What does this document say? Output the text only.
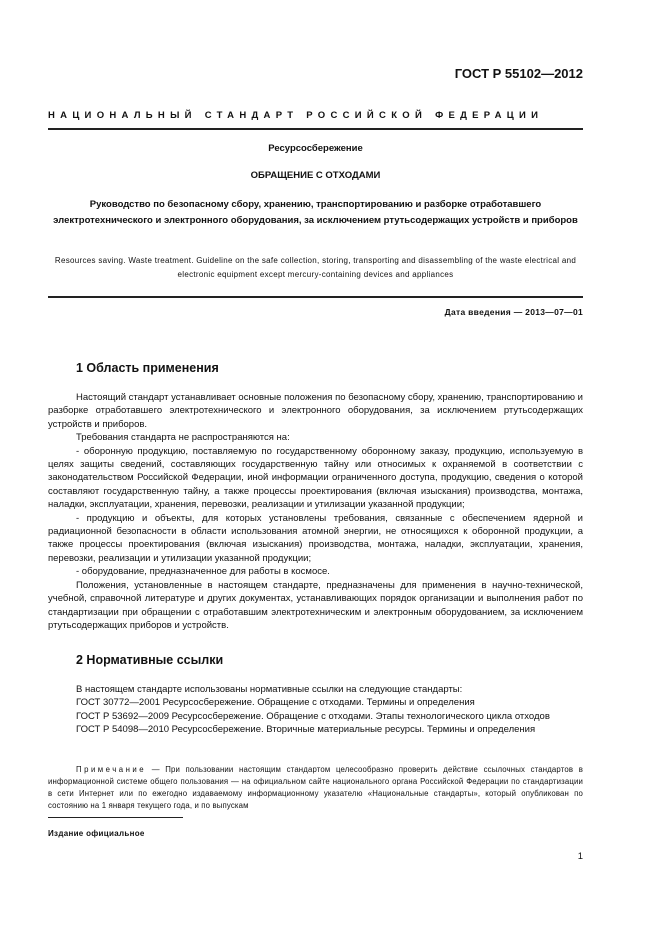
ГОСТ Р 55102—2012
НАЦИОНАЛЬНЫЙ СТАНДАРТ РОССИЙСКОЙ ФЕДЕРАЦИИ
Ресурсосбережение
ОБРАЩЕНИЕ С ОТХОДАМИ
Руководство по безопасному сбору, хранению, транспортированию и разборке отработавшего электротехнического и электронного оборудования, за исключением ртутьсодержащих устройств и приборов
Resources saving. Waste treatment. Guideline on the safe collection, storing, transporting and disassembling of the waste electrical and electronic equipment except mercury-containing devices and appliances
Дата введения — 2013—07—01
1 Область применения

Настоящий стандарт устанавливает основные положения по безопасному сбору, хранению, транспортированию и разборке отработавшего электротехнического и электронного оборудования, за исключением ртутьсодержащих устройств и приборов.

Требования стандарта не распространяются на:

- оборонную продукцию, поставляемую по государственному оборонному заказу, продукцию, используемую в целях защиты сведений, составляющих государственную тайну или относимых к охраняемой в соответствии с законодательством Российской Федерации, иной информации ограниченного доступа, продукцию, сведения о которой составляют государственную тайну, а также процессы проектирования (включая изыскания) производства, монтажа, наладки, эксплуатации, хранения, перевозки, реализации и утилизации указанной продукции;

- продукцию и объекты, для которых установлены требования, связанные с обеспечением ядерной и радиационной безопасности в области использования атомной энергии, не относящихся к оборонной продукции, а также процессы проектирования (включая изыскания) производства, монтажа, наладки, эксплуатации, хранения, перевозки, реализации и утилизации указанной продукции;

- оборудование, предназначенное для работы в космосе.

Положения, установленные в настоящем стандарте, предназначены для применения в научно-технической, учебной, справочной литературе и других документах, устанавливающих порядок организации и выполнения работ по стандартизации при обращении с отработавшим электротехническим и электронным оборудованием, за исключением ртутьсодержащих приборов и устройств.

2 Нормативные ссылки

В настоящем стандарте использованы нормативные ссылки на следующие стандарты:

ГОСТ 30772—2001 Ресурсосбережение. Обращение с отходами. Термины и определения

ГОСТ Р 53692—2009 Ресурсосбережение. Обращение с отходами. Этапы технологического цикла отходов

ГОСТ Р 54098—2010 Ресурсосбережение. Вторичные материальные ресурсы. Термины и определения

Примечание — При пользовании настоящим стандартом целесообразно проверить действие ссылочных стандартов в информационной системе общего пользования — на официальном сайте национального органа Российской Федерации по стандартизации в сети Интернет или по ежегодно издаваемому информационному указателю «Национальные стандарты», который опубликован по состоянию на 1 января текущего года, и по выпускам

Издание официальное
1
